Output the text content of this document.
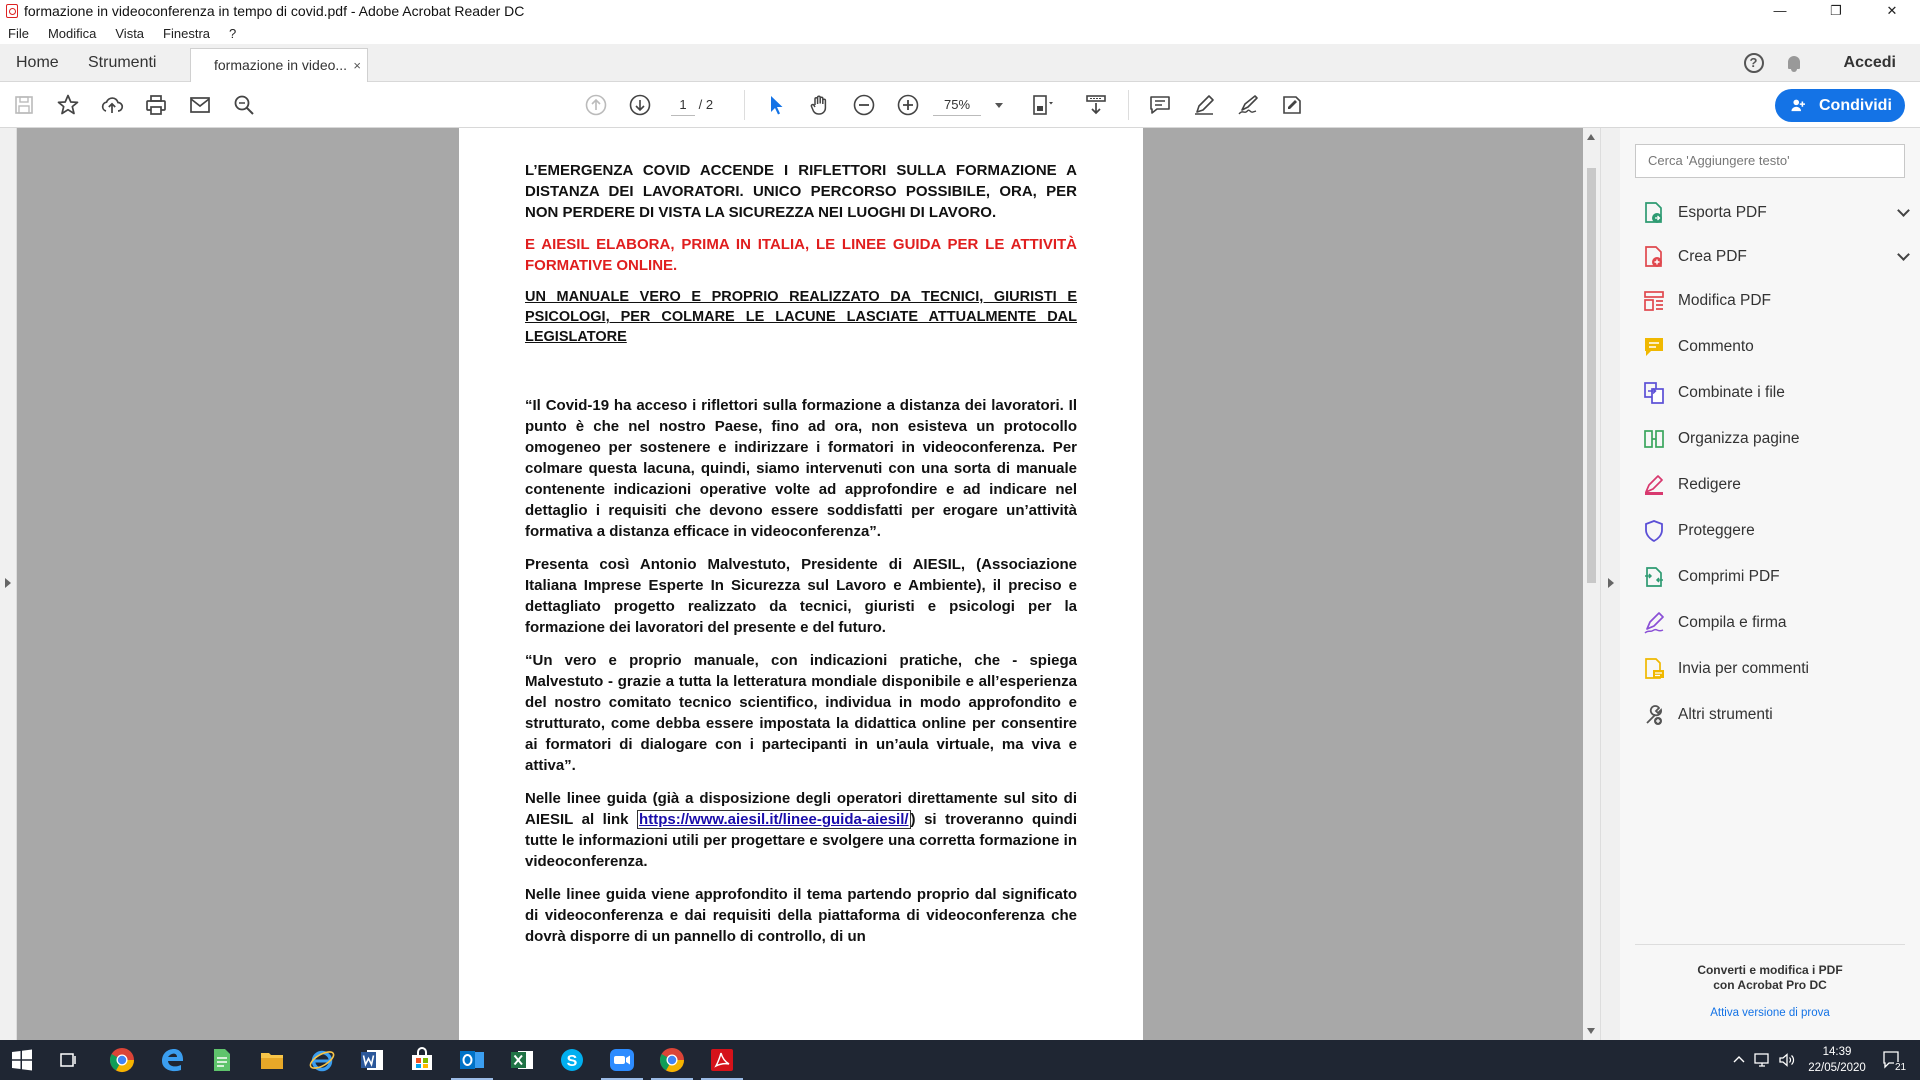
formazione in videoconferenza in tempo di covid.pdf - Adobe Acrobat Reader DC	—	❐	✕
File Modifica Vista Finestra ?
Home Strumenti	formazione in video... ×	?	Accedi
1 / 2	75%	Condividi

L’EMERGENZA COVID ACCENDE I RIFLETTORI SULLA FORMAZIONE A DISTANZA DEI LAVORATORI. UNICO PERCORSO POSSIBILE, ORA, PER NON PERDERE DI VISTA LA SICUREZZA NEI LUOGHI DI LAVORO.

E AIESIL ELABORA, PRIMA IN ITALIA, LE LINEE GUIDA PER LE ATTIVITÀ FORMATIVE ONLINE.

UN MANUALE VERO E PROPRIO REALIZZATO DA TECNICI, GIURISTI E PSICOLOGI, PER COLMARE LE LACUNE LASCIATE ATTUALMENTE DAL LEGISLATORE

“Il Covid-19 ha acceso i riflettori sulla formazione a distanza dei lavoratori. Il punto è che nel nostro Paese, fino ad ora, non esisteva un protocollo omogeneo per sostenere e indirizzare i formatori in videoconferenza. Per colmare questa lacuna, quindi, siamo intervenuti con una sorta di manuale contenente indicazioni operative volte ad approfondire e ad indicare nel dettaglio i requisiti che devono essere soddisfatti per erogare un’attività formativa a distanza efficace in videoconferenza”.

Presenta così Antonio Malvestuto, Presidente di AIESIL, (Associazione Italiana Imprese Esperte In Sicurezza sul Lavoro e Ambiente), il preciso e dettagliato progetto realizzato da tecnici, giuristi e psicologi per la formazione dei lavoratori del presente e del futuro.

“Un vero e proprio manuale, con indicazioni pratiche, che - spiega Malvestuto - grazie a tutta la letteratura mondiale disponibile e all’esperienza del nostro comitato tecnico scientifico, individua in modo approfondito e strutturato, come debba essere impostata la didattica online per consentire ai formatori di dialogare con i partecipanti in un’aula virtuale, ma viva e attiva”.

Nelle linee guida (già a disposizione degli operatori direttamente sul sito di AIESIL al link https://www.aiesil.it/linee-guida-aiesil/ ) si troveranno quindi tutte le informazioni utili per progettare e svolgere una corretta formazione in videoconferenza.

Nelle linee guida viene approfondito il tema partendo proprio dal significato di videoconferenza e dai requisiti della piattaforma di videoconferenza che dovrà disporre di un pannello di controllo, di un

Cerca 'Aggiungere testo'
Esporta PDF
Crea PDF
Modifica PDF
Commento
Combinate i file
Organizza pagine
Redigere
Proteggere
Comprimi PDF
Compila e firma
Invia per commenti
Altri strumenti
Converti e modifica i PDF
con Acrobat Pro DC
Attiva versione di prova
S
14:39
22/05/2020	21
